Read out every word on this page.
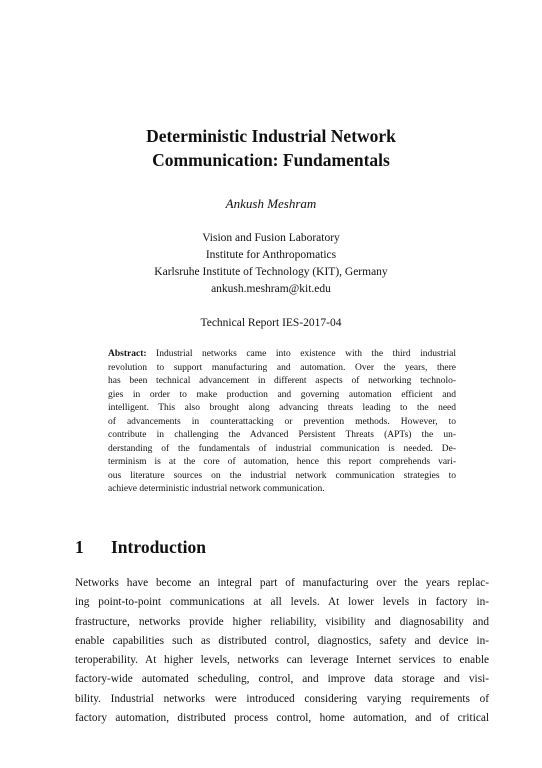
Deterministic Industrial Network
Communication: Fundamentals
Ankush Meshram
Vision and Fusion Laboratory
Institute for Anthropomatics
Karlsruhe Institute of Technology (KIT), Germany
ankush.meshram@kit.edu
Technical Report IES-2017-04
Abstract: Industrial networks came into existence with the third industrial
revolution to support manufacturing and automation. Over the years, there
has been technical advancement in different aspects of networking technolo-
gies in order to make production and governing automation efficient and
intelligent. This also brought along advancing threats leading to the need
of advancements in counterattacking or prevention methods. However, to
contribute in challenging the Advanced Persistent Threats (APTs) the un-
derstanding of the fundamentals of industrial communication is needed. De-
terminism is at the core of automation, hence this report comprehends vari-
ous literature sources on the industrial network communication strategies to
achieve deterministic industrial network communication.
1 Introduction
Networks have become an integral part of manufacturing over the years replac-
ing point-to-point communications at all levels. At lower levels in factory in-
frastructure, networks provide higher reliability, visibility and diagnosability and
enable capabilities such as distributed control, diagnostics, safety and device in-
teroperability. At higher levels, networks can leverage Internet services to enable
factory-wide automated scheduling, control, and improve data storage and visi-
bility. Industrial networks were introduced considering varying requirements of
factory automation, distributed process control, home automation, and of critical
